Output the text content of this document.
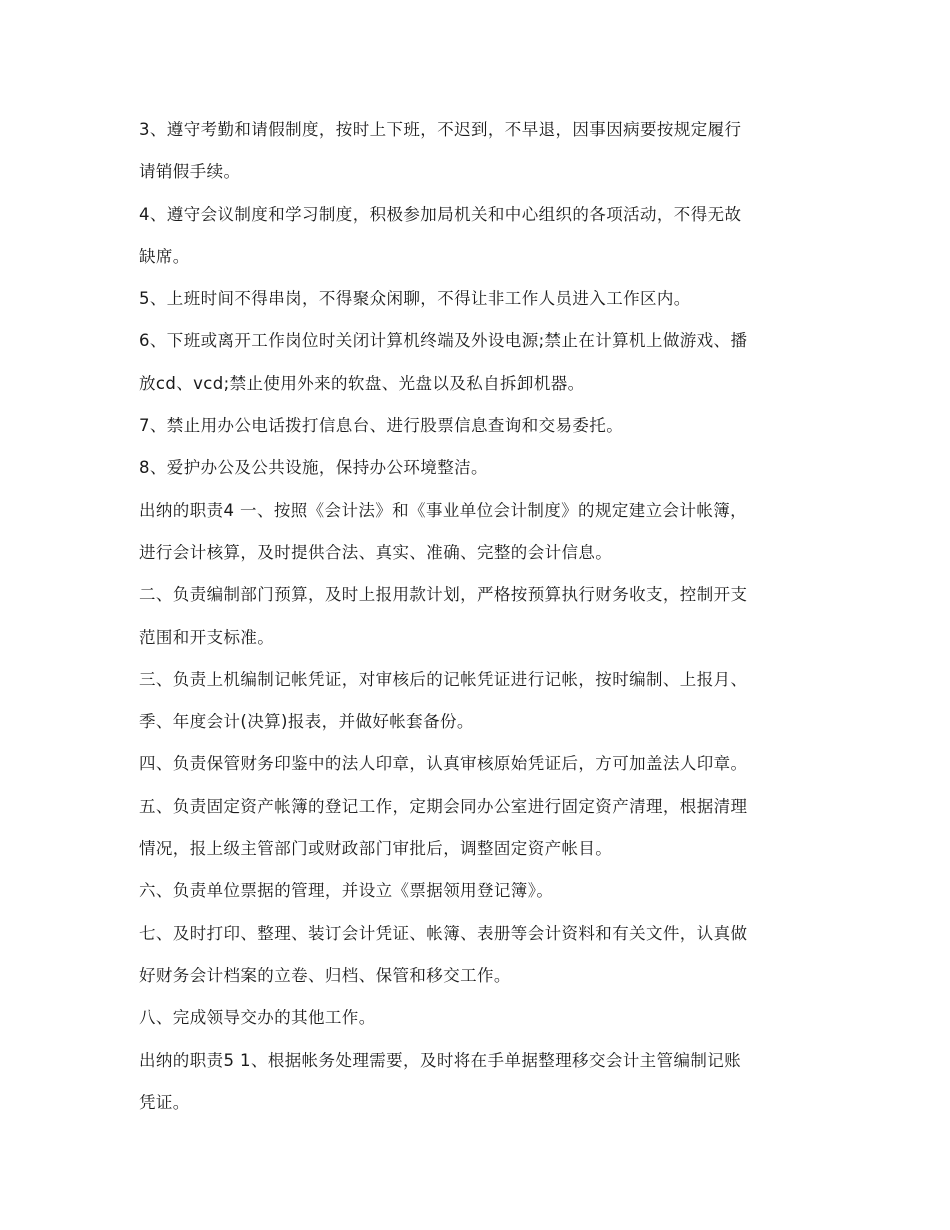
3、遵守考勤和请假制度，按时上下班，不迟到，不早退，因事因病要按规定履行
请销假手续。
4、遵守会议制度和学习制度，积极参加局机关和中心组织的各项活动，不得无故
缺席。
5、上班时间不得串岗，不得聚众闲聊，不得让非工作人员进入工作区内。
6、下班或离开工作岗位时关闭计算机终端及外设电源;禁止在计算机上做游戏、播
放cd、vcd;禁止使用外来的软盘、光盘以及私自拆卸机器。
7、禁止用办公电话拨打信息台、进行股票信息查询和交易委托。
8、爱护办公及公共设施，保持办公环境整洁。
出纳的职责4 一、按照《会计法》和《事业单位会计制度》的规定建立会计帐簿，
进行会计核算，及时提供合法、真实、准确、完整的会计信息。
二、负责编制部门预算，及时上报用款计划，严格按预算执行财务收支，控制开支
范围和开支标准。
三、负责上机编制记帐凭证，对审核后的记帐凭证进行记帐，按时编制、上报月、
季、年度会计(决算)报表，并做好帐套备份。
四、负责保管财务印鉴中的法人印章，认真审核原始凭证后，方可加盖法人印章。
五、负责固定资产帐簿的登记工作，定期会同办公室进行固定资产清理，根据清理
情况，报上级主管部门或财政部门审批后，调整固定资产帐目。
六、负责单位票据的管理，并设立《票据领用登记簿》。
七、及时打印、整理、装订会计凭证、帐簿、表册等会计资料和有关文件，认真做
好财务会计档案的立卷、归档、保管和移交工作。
八、完成领导交办的其他工作。
出纳的职责5 1、根据帐务处理需要，及时将在手单据整理移交会计主管编制记账
凭证。
